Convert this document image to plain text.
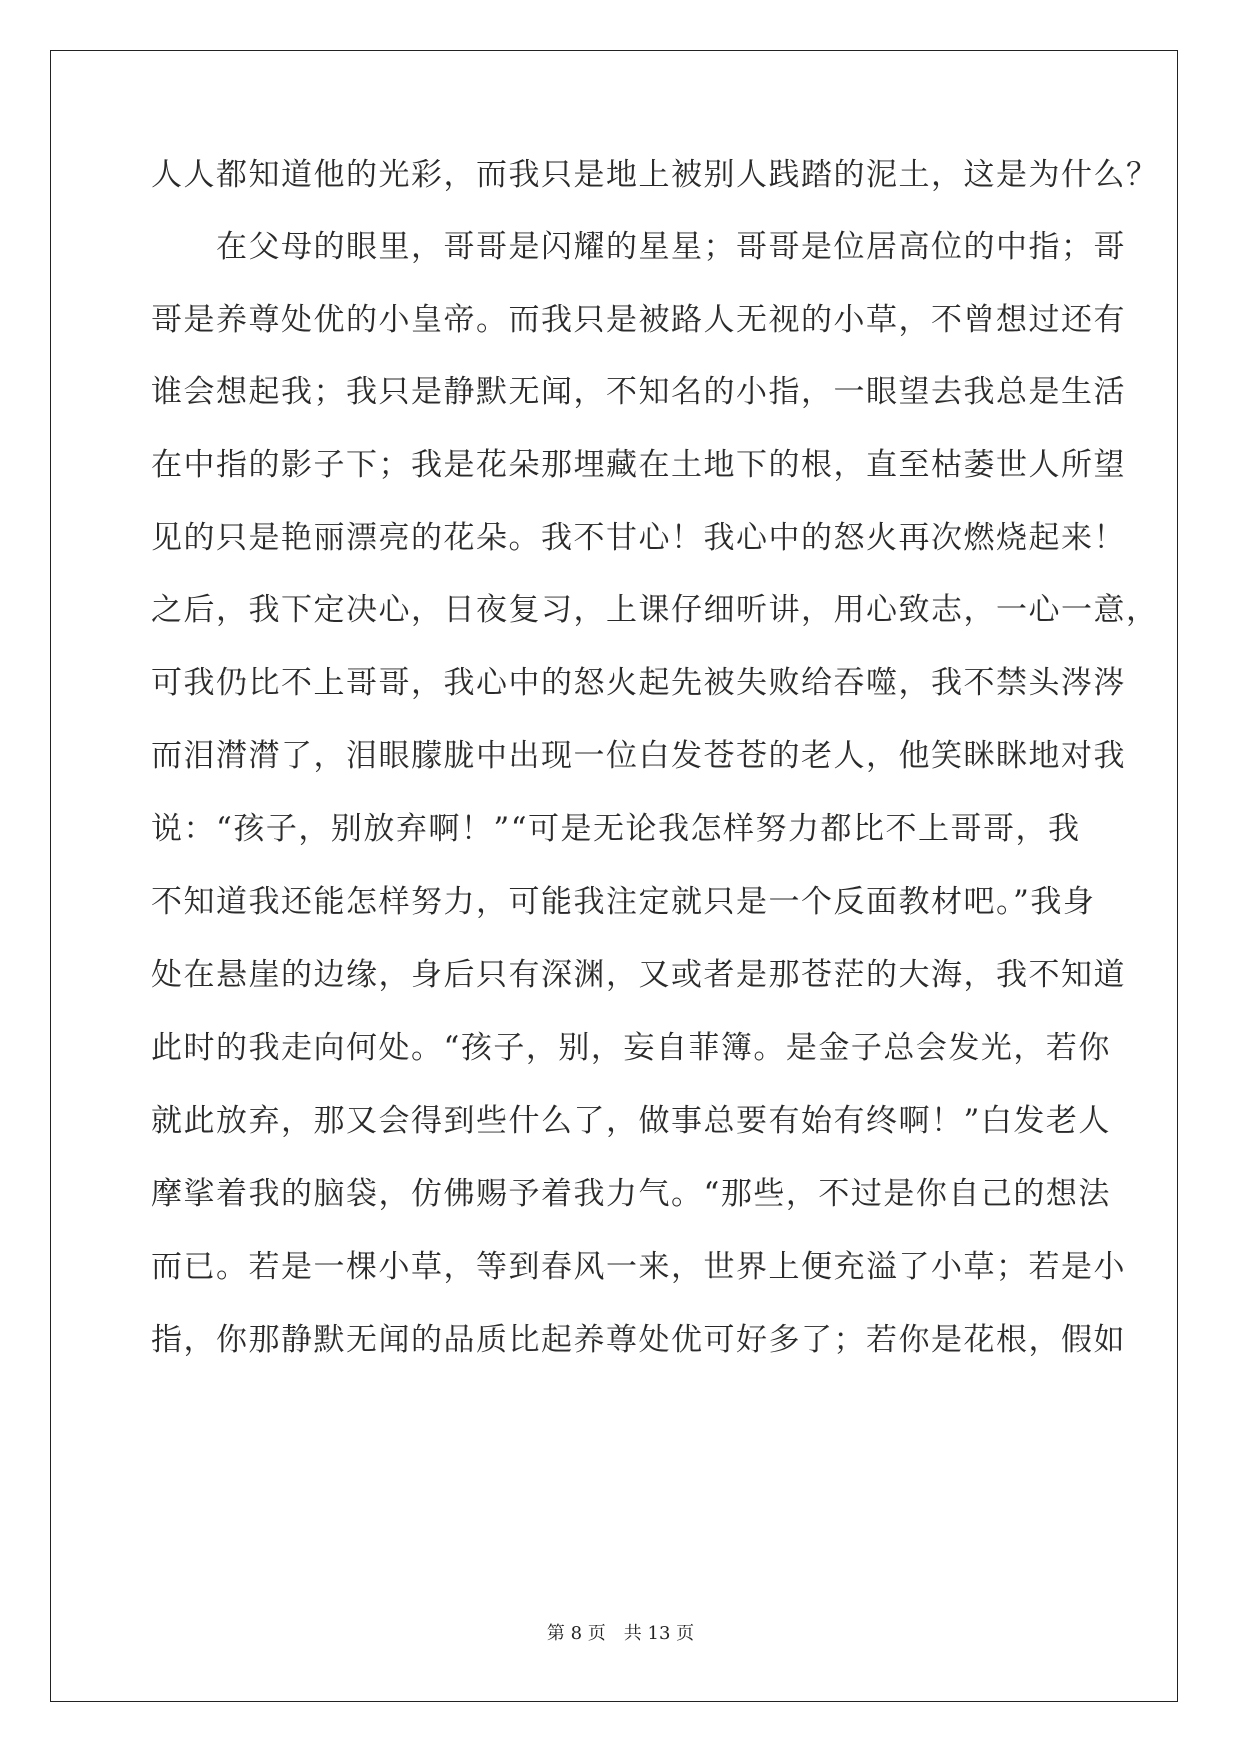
人人都知道他的光彩，而我只是地上被别人践踏的泥土，这是为什么？
　　在父母的眼里，哥哥是闪耀的星星；哥哥是位居高位的中指；哥
哥是养尊处优的小皇帝。而我只是被路人无视的小草，不曾想过还有
谁会想起我；我只是静默无闻，不知名的小指，一眼望去我总是生活
在中指的影子下；我是花朵那埋藏在土地下的根，直至枯萎世人所望
见的只是艳丽漂亮的花朵。我不甘心！我心中的怒火再次燃烧起来！
之后，我下定决心，日夜复习，上课仔细听讲，用心致志，一心一意，
可我仍比不上哥哥，我心中的怒火起先被失败给吞噬，我不禁头涔涔
而泪潸潸了，泪眼朦胧中出现一位白发苍苍的老人，他笑眯眯地对我
说：“孩子，别放弃啊！”“可是无论我怎样努力都比不上哥哥，我
不知道我还能怎样努力，可能我注定就只是一个反面教材吧。”我身
处在悬崖的边缘，身后只有深渊，又或者是那苍茫的大海，我不知道
此时的我走向何处。“孩子，别，妄自菲簿。是金子总会发光，若你
就此放弃，那又会得到些什么了，做事总要有始有终啊！”白发老人
摩挲着我的脑袋，仿佛赐予着我力气。“那些，不过是你自己的想法
而已。若是一棵小草，等到春风一来，世界上便充溢了小草；若是小
指，你那静默无闻的品质比起养尊处优可好多了；若你是花根，假如
第 8 页　共 13 页
